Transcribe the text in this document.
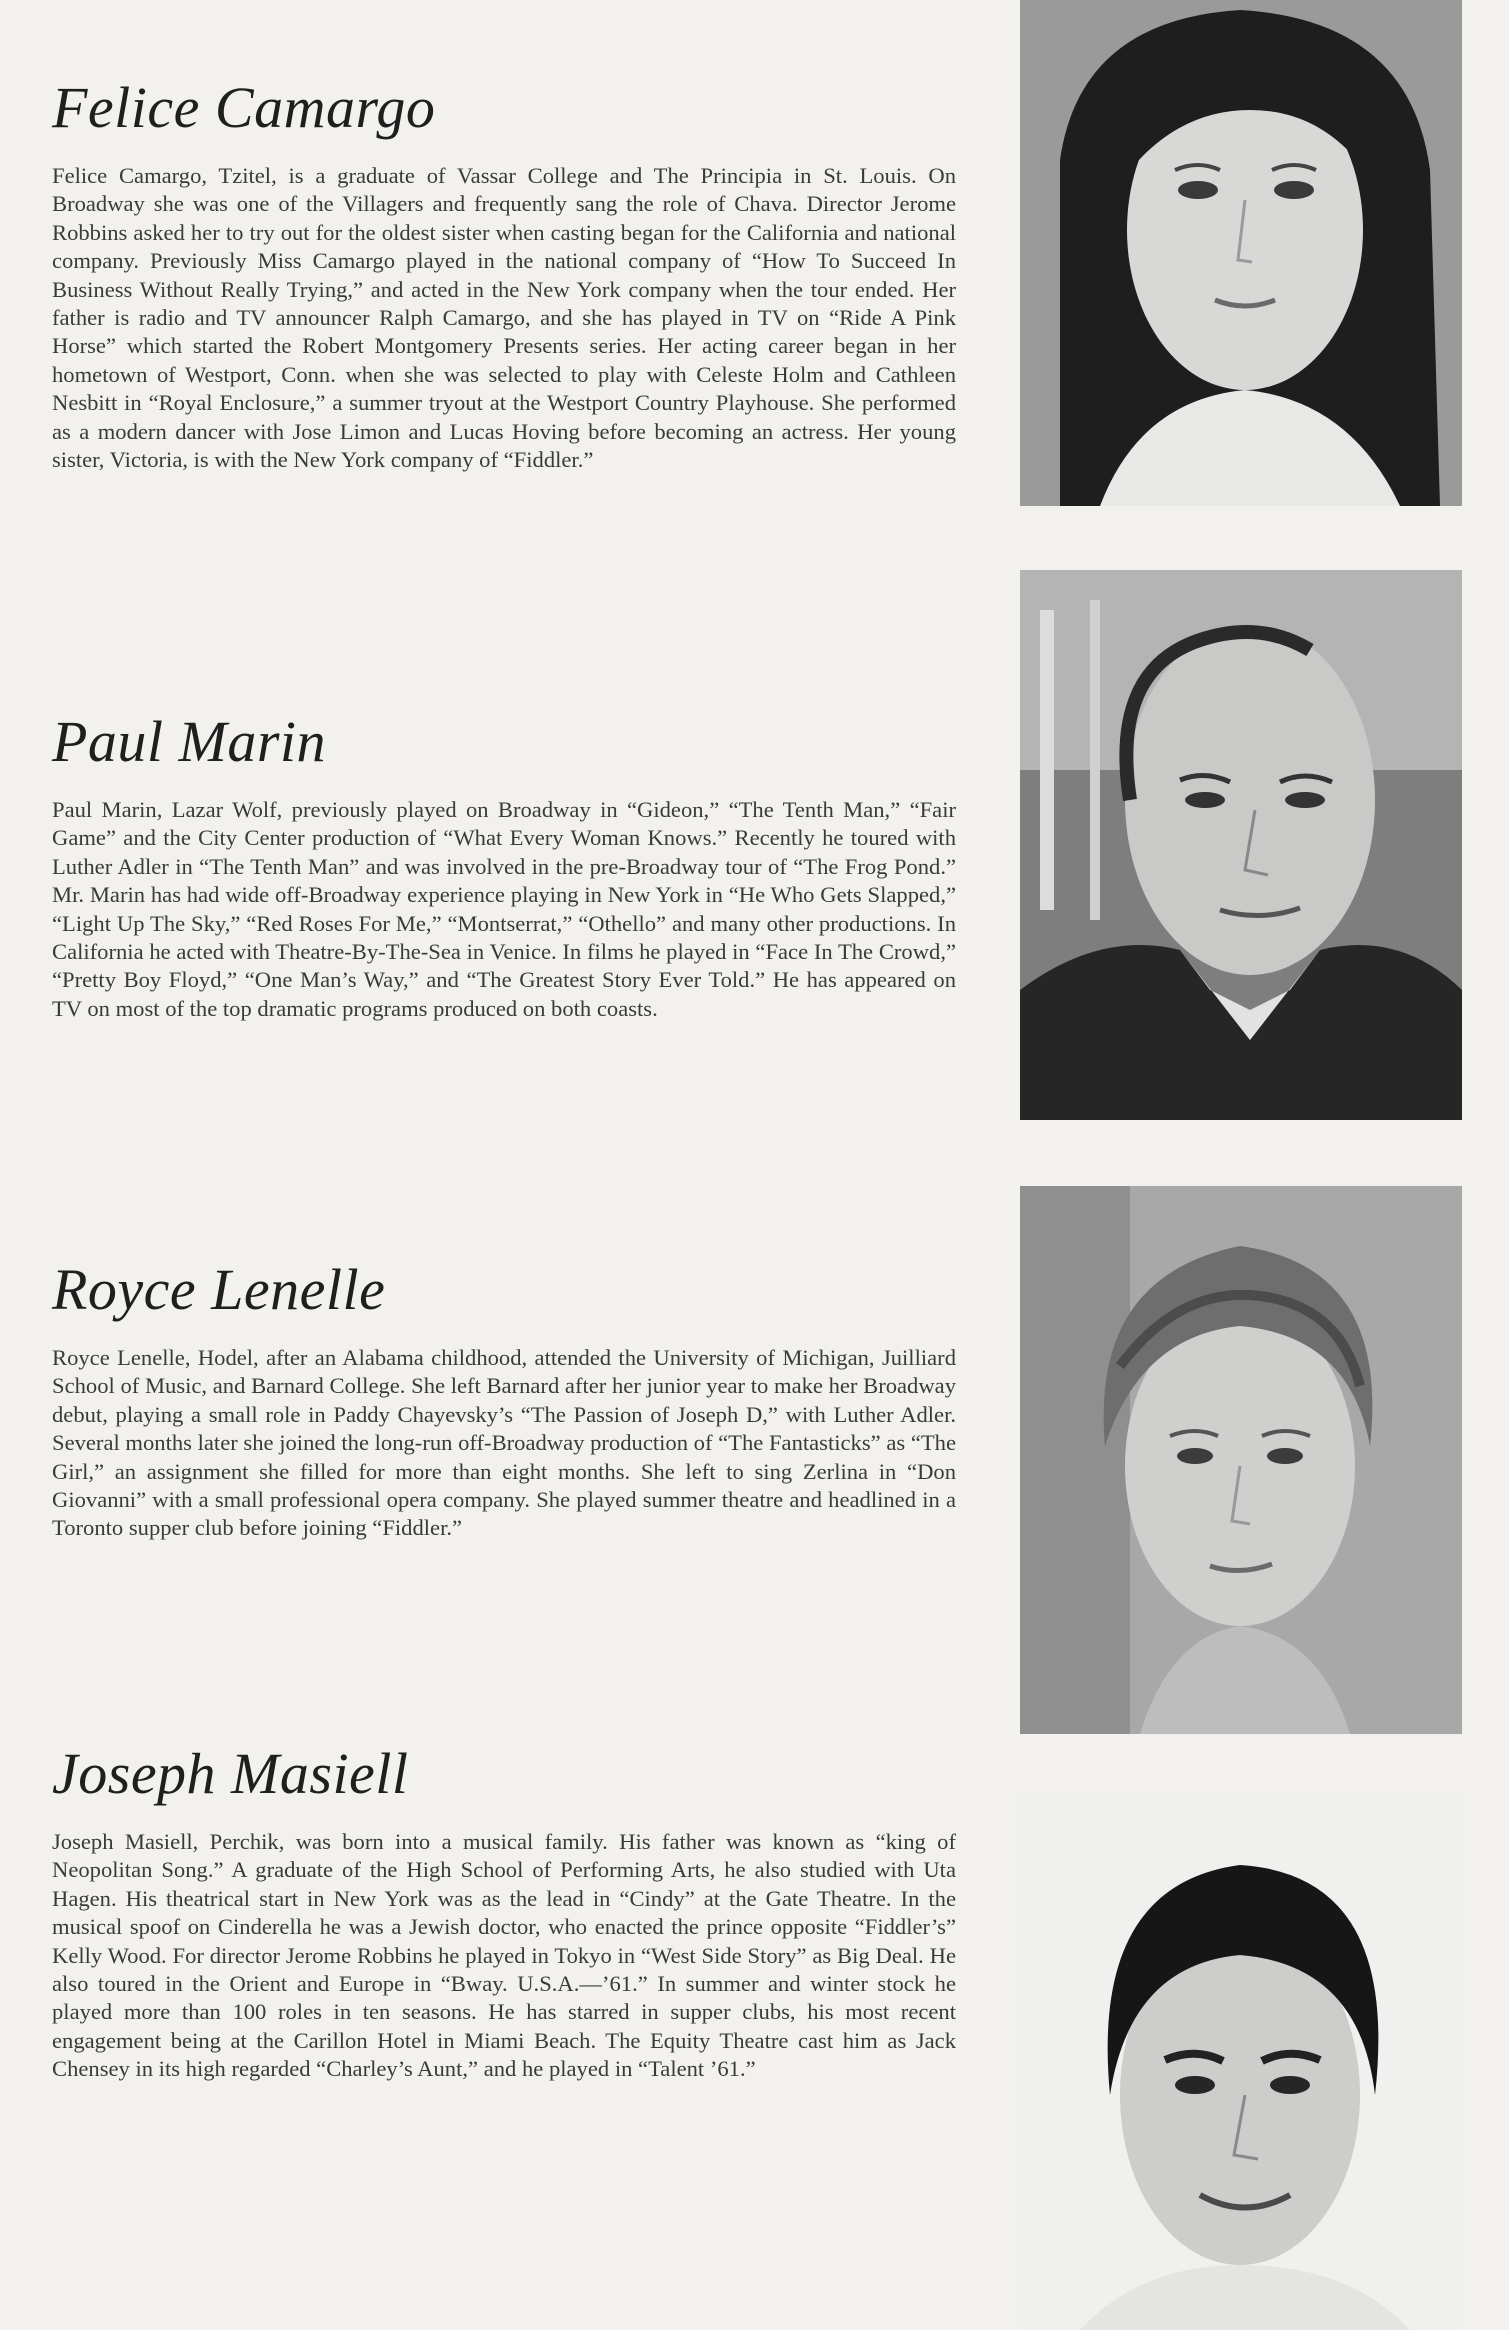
Felice Camargo

Felice Camargo, Tzitel, is a graduate of Vassar College and The Principia in St. Louis. On Broadway she was one of the Villagers and frequently sang the role of Chava. Director Jerome Robbins asked her to try out for the oldest sister when casting began for the California and national company. Previously Miss Camargo played in the national company of “How To Succeed In Business Without Really Trying,” and acted in the New York company when the tour ended. Her father is radio and TV announcer Ralph Camargo, and she has played in TV on “Ride A Pink Horse” which started the Robert Montgomery Presents series. Her acting career began in her hometown of Westport, Conn. when she was selected to play with Celeste Holm and Cathleen Nesbitt in “Royal Enclosure,” a summer tryout at the Westport Country Playhouse. She performed as a modern dancer with Jose Limon and Lucas Hoving before becoming an actress. Her young sister, Victoria, is with the New York company of “Fiddler.”

Paul Marin

Paul Marin, Lazar Wolf, previously played on Broadway in “Gideon,” “The Tenth Man,” “Fair Game” and the City Center production of “What Every Woman Knows.” Recently he toured with Luther Adler in “The Tenth Man” and was involved in the pre-Broadway tour of “The Frog Pond.” Mr. Marin has had wide off-Broadway experience playing in New York in “He Who Gets Slapped,” “Light Up The Sky,” “Red Roses For Me,” “Montserrat,” “Othello” and many other productions. In California he acted with Theatre-By-The-Sea in Venice. In films he played in “Face In The Crowd,” “Pretty Boy Floyd,” “One Man’s Way,” and “The Greatest Story Ever Told.” He has appeared on TV on most of the top dramatic programs produced on both coasts.

Royce Lenelle

Royce Lenelle, Hodel, after an Alabama childhood, attended the University of Michigan, Juilliard School of Music, and Barnard College. She left Barnard after her junior year to make her Broadway debut, playing a small role in Paddy Chayevsky’s “The Passion of Joseph D,” with Luther Adler. Several months later she joined the long-run off-Broadway production of “The Fantasticks” as “The Girl,” an assignment she filled for more than eight months. She left to sing Zerlina in “Don Giovanni” with a small professional opera company. She played summer theatre and headlined in a Toronto supper club before joining “Fiddler.”

Joseph Masiell

Joseph Masiell, Perchik, was born into a musical family. His father was known as “king of Neopolitan Song.” A graduate of the High School of Performing Arts, he also studied with Uta Hagen. His theatrical start in New York was as the lead in “Cindy” at the Gate Theatre. In the musical spoof on Cinderella he was a Jewish doctor, who enacted the prince opposite “Fiddler’s” Kelly Wood. For director Jerome Robbins he played in Tokyo in “West Side Story” as Big Deal. He also toured in the Orient and Europe in “Bway. U.S.A.—’61.” In summer and winter stock he played more than 100 roles in ten seasons. He has starred in supper clubs, his most recent engagement being at the Carillon Hotel in Miami Beach. The Equity Theatre cast him as Jack Chensey in its high regarded “Charley’s Aunt,” and he played in “Talent ’61.”
